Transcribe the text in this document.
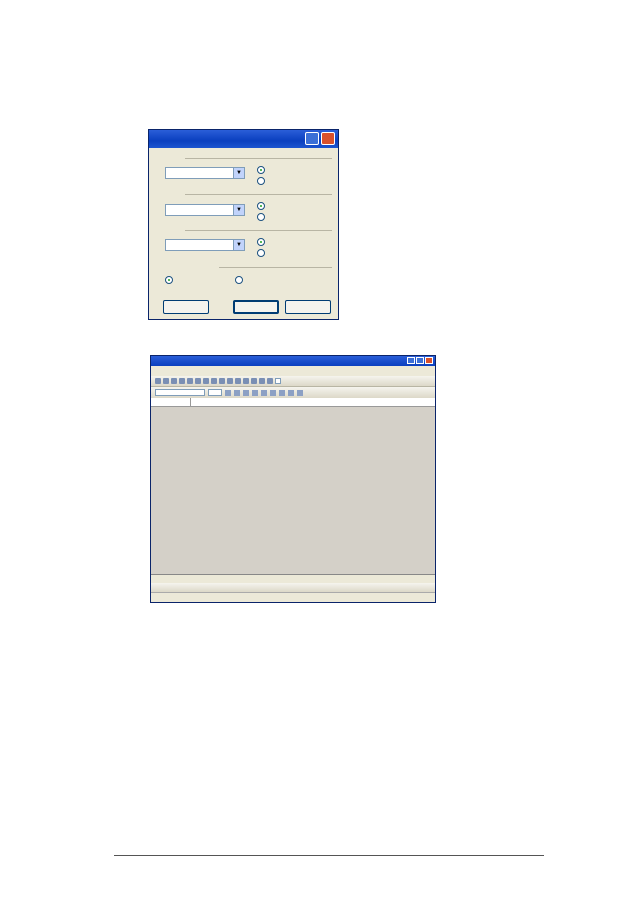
▼
▼
▼
